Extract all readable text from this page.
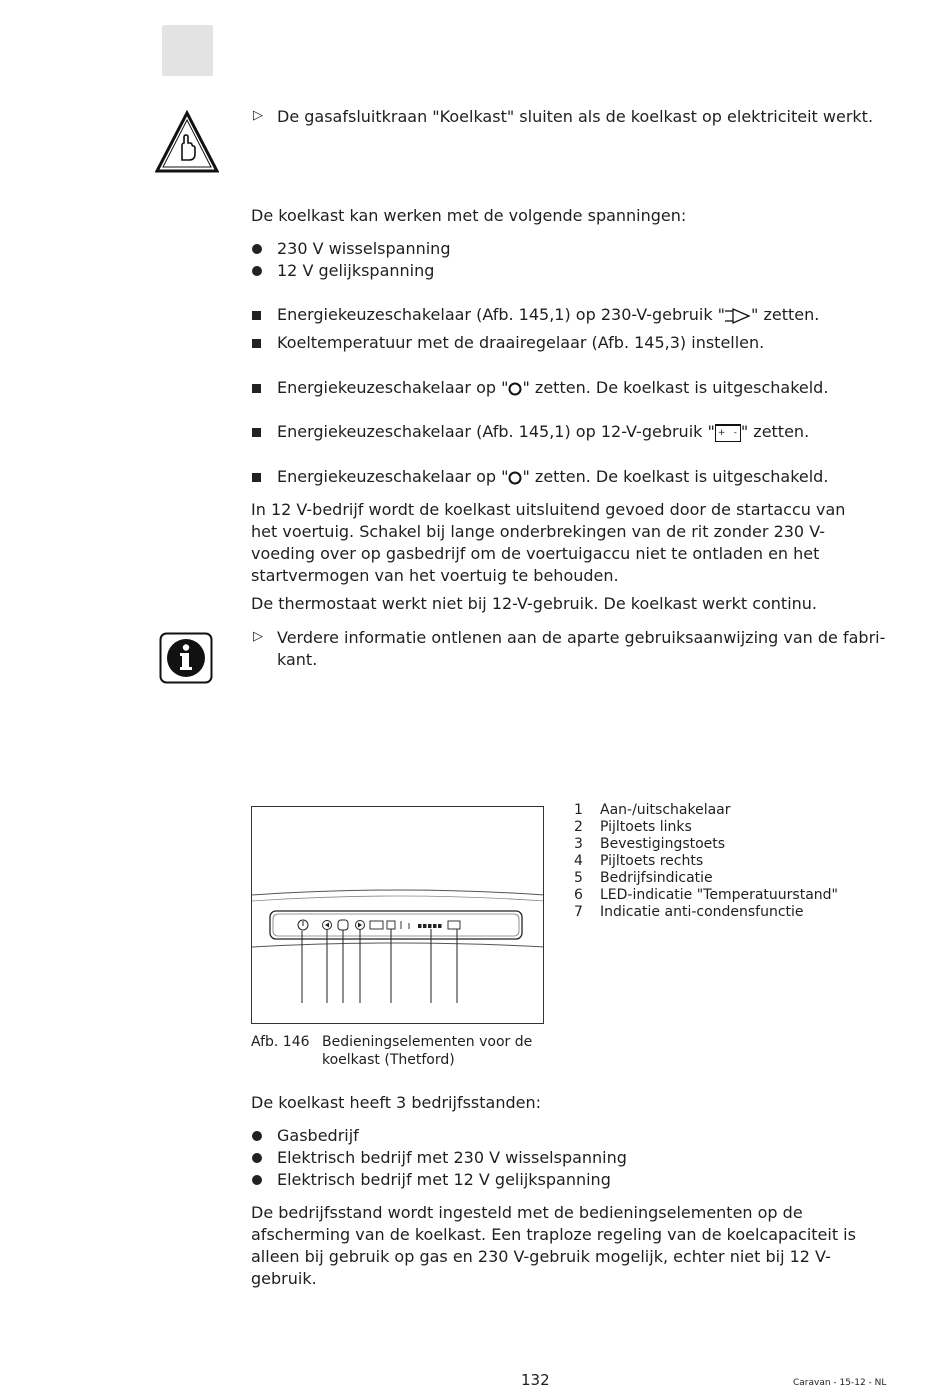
▷ De gasafsluitkraan "Koelkast" sluiten als de koelkast op elektriciteit werkt.
De koelkast kan werken met de volgende spanningen:
230 V wisselspanning
12 V gelijkspanning
Energiekeuzeschakelaar (Afb. 145,1) op 230-V-gebruik " " zetten.
Koeltemperatuur met de draairegelaar (Afb. 145,3) instellen.
Energiekeuzeschakelaar op " " zetten. De koelkast is uitgeschakeld.
Energiekeuzeschakelaar (Afb. 145,1) op 12-V-gebruik " + - " zetten.
Energiekeuzeschakelaar op " " zetten. De koelkast is uitgeschakeld.
In 12 V-bedrijf wordt de koelkast uitsluitend gevoed door de startaccu van het voertuig. Schakel bij lange onderbrekingen van de rit zonder 230 V-voeding over op gasbedrijf om de voertuigaccu niet te ontladen en het startvermogen van het voertuig te behouden.
De thermostaat werkt niet bij 12-V-gebruik. De koelkast werkt continu.
▷ Verdere informatie ontlenen aan de aparte gebruiksaanwijzing van de fabri-
kant.
Afb. 146 Bedieningselementen voor de
koelkast (Thetford)
1 Aan-/uitschakelaar
2 Pijltoets links
3 Bevestigingstoets
4 Pijltoets rechts
5 Bedrijfsindicatie
6 LED-indicatie "Temperatuurstand"
7 Indicatie anti-condensfunctie
De koelkast heeft 3 bedrijfsstanden:
Gasbedrijf
Elektrisch bedrijf met 230 V wisselspanning
Elektrisch bedrijf met 12 V gelijkspanning
De bedrijfsstand wordt ingesteld met de bedieningselementen op de afscherming van de koelkast. Een traploze regeling van de koelcapaciteit is alleen bij gebruik op gas en 230 V-gebruik mogelijk, echter niet bij 12 V-gebruik.
132	Caravan - 15-12 - NL
